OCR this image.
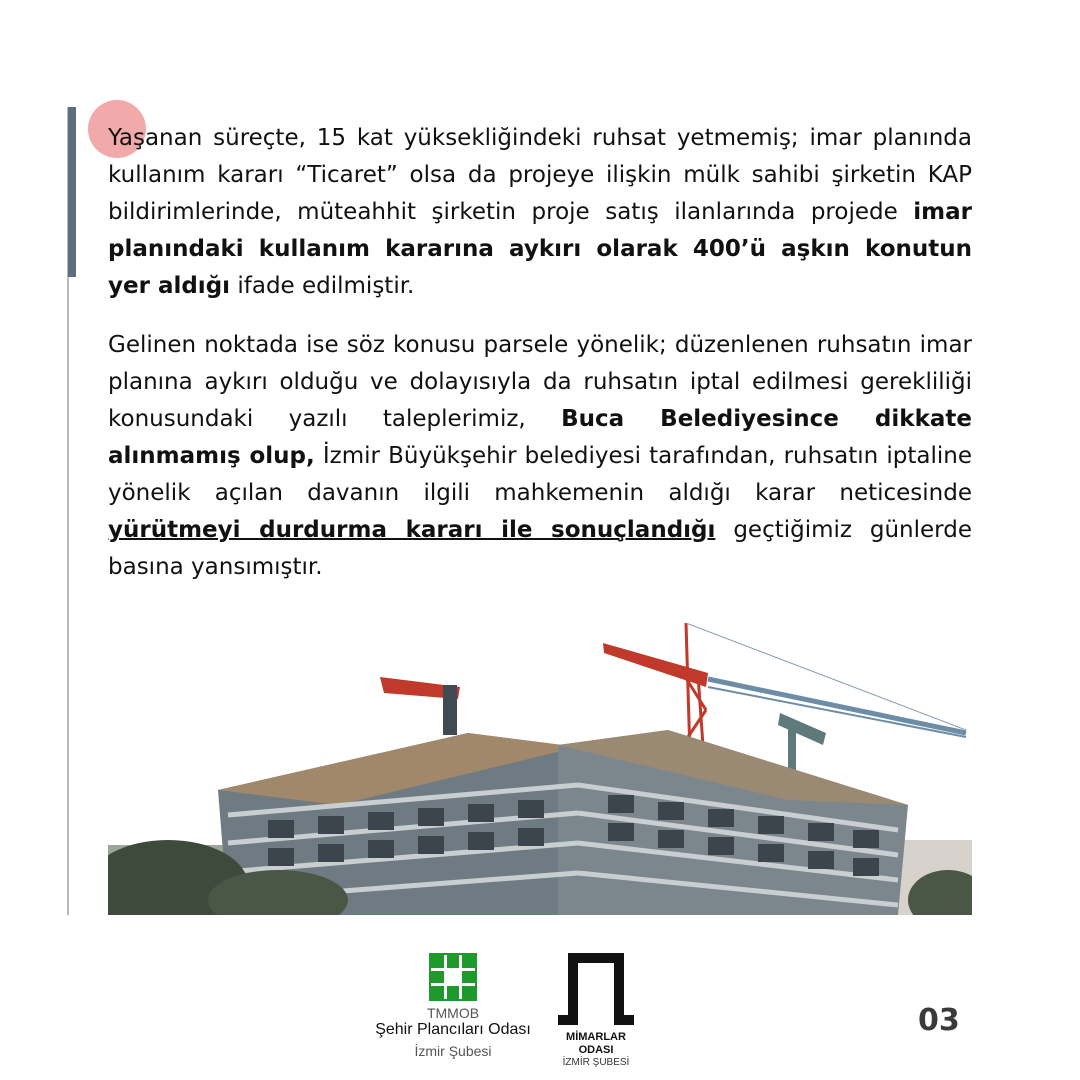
Yaşanan süreçte, 15 kat yüksekliğindeki ruhsat yetmemiş; imar planında kullanım kararı “Ticaret” olsa da projeye ilişkin mülk sahibi şirketin KAP bildirimlerinde, müteahhit şirketin proje satış ilanlarında projede imar planındaki kullanım kararına aykırı olarak 400’ü aşkın konutun yer aldığı ifade edilmiştir.

Gelinen noktada ise söz konusu parsele yönelik; düzenlenen ruhsatın imar planına aykırı olduğu ve dolayısıyla da ruhsatın iptal edilmesi gerekliliği konusundaki yazılı taleplerimiz, Buca Belediyesince dikkate alınmamış olup, İzmir Büyükşehir belediyesi tarafından, ruhsatın iptaline yönelik açılan davanın ilgili mahkemenin aldığı karar neticesinde yürütmeyi durdurma kararı ile sonuçlandığı geçtiğimiz günlerde basına yansımıştır.

TMMOB
Şehir Plancıları Odası
İzmir Şubesi
MİMARLAR ODASI
İZMİR ŞUBESİ
03
